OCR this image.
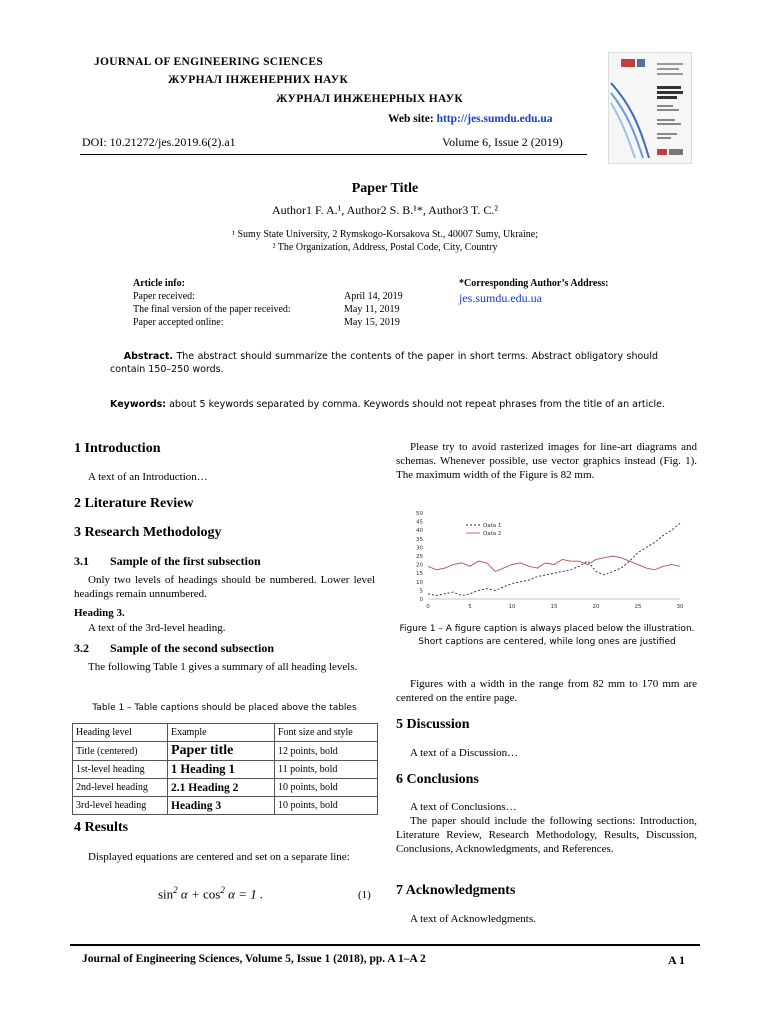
JOURNAL OF ENGINEERING SCIENCES
ЖУРНАЛ ІНЖЕНЕРНИХ НАУК
ЖУРНАЛ ИНЖЕНЕРНЫХ НАУК
Web site: http://jes.sumdu.edu.ua
DOI: 10.21272/jes.2019.6(2).a1	Volume 6, Issue 2 (2019)
Paper Title
Author1 F. A.¹, Author2 S. B.¹*, Author3 T. C.²
¹ Sumy State University, 2 Rymskogo-Korsakova St., 40007 Sumy, Ukraine;
² The Organization, Address, Postal Code, City, Country
Article info:
Paper received:	April 14, 2019
The final version of the paper received:	May 11, 2019
Paper accepted online:	May 15, 2019
*Corresponding Author’s Address:
jes.sumdu.edu.ua
Abstract. The abstract should summarize the contents of the paper in short terms. Abstract obligatory should contain 150–250 words.
Keywords: about 5 keywords separated by comma. Keywords should not repeat phrases from the title of an article.
1 Introduction
A text of an Introduction…
2 Literature Review
3 Research Methodology
3.1 Sample of the first subsection
Only two levels of headings should be numbered. Lower level headings remain unnumbered.
Heading 3.
A text of the 3rd-level heading.
3.2 Sample of the second subsection
The following Table 1 gives a summary of all heading levels.
Table 1 – Table captions should be placed above the tables
Heading level	Example	Font size and style
Title (centered)	Paper title	12 points, bold
1st-level heading	1 Heading 1	11 points, bold
2nd-level heading	2.1 Heading 2	10 points, bold
3rd-level heading	Heading 3	10 points, bold
4 Results
Displayed equations are centered and set on a separate line:
$\sin^2 \alpha + \cos^2 \alpha = 1$ .	(1)
Please try to avoid rasterized images for line-art diagrams and schemas. Whenever possible, use vector graphics instead (Fig. 1). The maximum width of the Figure is 82 mm.
0
5
10
15
20
25
30
35
40
45
50
0	5	10	15	20	25	30
Data 1
Data 2
Figure 1 – A figure caption is always placed below the illustration. Short captions are centered, while long ones are justified
Figures with a width in the range from 82 mm to 170 mm are centered on the entire page.
5 Discussion
A text of a Discussion…
6 Conclusions
A text of Conclusions…
The paper should include the following sections: Introduction, Literature Review, Research Methodology, Results, Discussion, Conclusions, Acknowledgments, and References.
7 Acknowledgments
A text of Acknowledgments.
Journal of Engineering Sciences, Volume 5, Issue 1 (2018), pp. A 1–A 2	A 1
